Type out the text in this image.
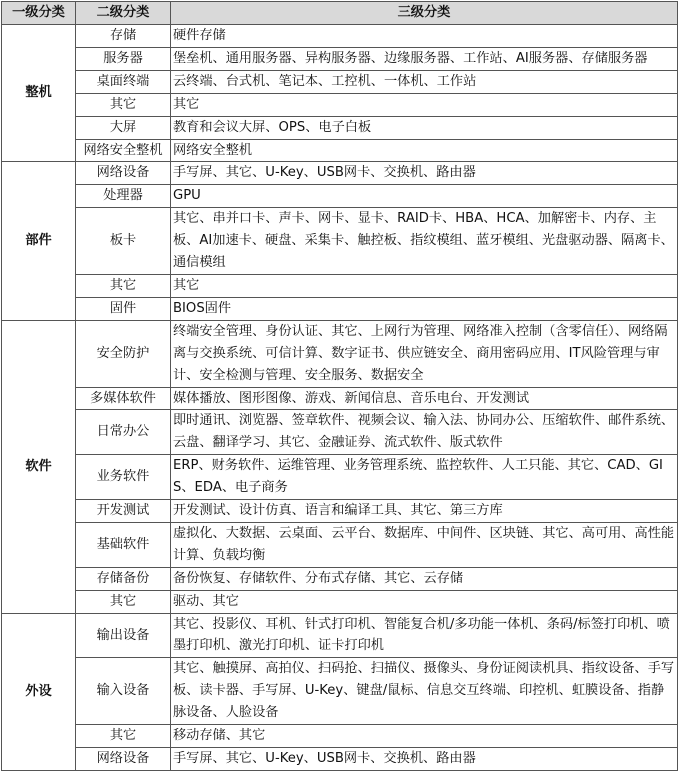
一级分类	二级分类	三级分类
整机	存储	硬件存储
	服务器	堡垒机、通用服务器、异构服务器、边缘服务器、工作站、AI服务器、存储服务器
	桌面终端	云终端、台式机、笔记本、工控机、一体机、工作站
	其它	其它
	大屏	教育和会议大屏、OPS、电子白板
	网络安全整机	网络安全整机
部件	网络设备	手写屏、其它、U-Key、USB网卡、交换机、路由器
	处理器	GPU
	板卡	其它、串并口卡、声卡、网卡、显卡、RAID卡、HBA、HCA、加解密卡、内存、主板、AI加速卡、硬盘、采集卡、触控板、指纹模组、蓝牙模组、光盘驱动器、隔离卡、通信模组
	其它	其它
	固件	BIOS固件
软件	安全防护	终端安全管理、身份认证、其它、上网行为管理、网络准入控制（含零信任）、网络隔离与交换系统、可信计算、数字证书、供应链安全、商用密码应用、IT风险管理与审计、安全检测与管理、安全服务、数据安全
	多媒体软件	媒体播放、图形图像、游戏、新闻信息、音乐电台、开发测试
	日常办公	即时通讯、浏览器、签章软件、视频会议、输入法、协同办公、压缩软件、邮件系统、云盘、翻译学习、其它、金融证券、流式软件、版式软件
	业务软件	ERP、财务软件、运维管理、业务管理系统、监控软件、人工只能、其它、CAD、GIS、EDA、电子商务
	开发测试	开发测试、设计仿真、语言和编译工具、其它、第三方库
	基础软件	虚拟化、大数据、云桌面、云平台、数据库、中间件、区块链、其它、高可用、高性能计算、负载均衡
	存储备份	备份恢复、存储软件、分布式存储、其它、云存储
	其它	驱动、其它
外设	输出设备	其它、投影仪、耳机、针式打印机、智能复合机/多功能一体机、条码/标签打印机、喷墨打印机、激光打印机、证卡打印机
	输入设备	其它、触摸屏、高拍仪、扫码抢、扫描仪、摄像头、身份证阅读机具、指纹设备、手写板、读卡器、手写屏、U-Key、键盘/鼠标、信息交互终端、印控机、虹膜设备、指静脉设备、人脸设备
	其它	移动存储、其它
	网络设备	手写屏、其它、U-Key、USB网卡、交换机、路由器
